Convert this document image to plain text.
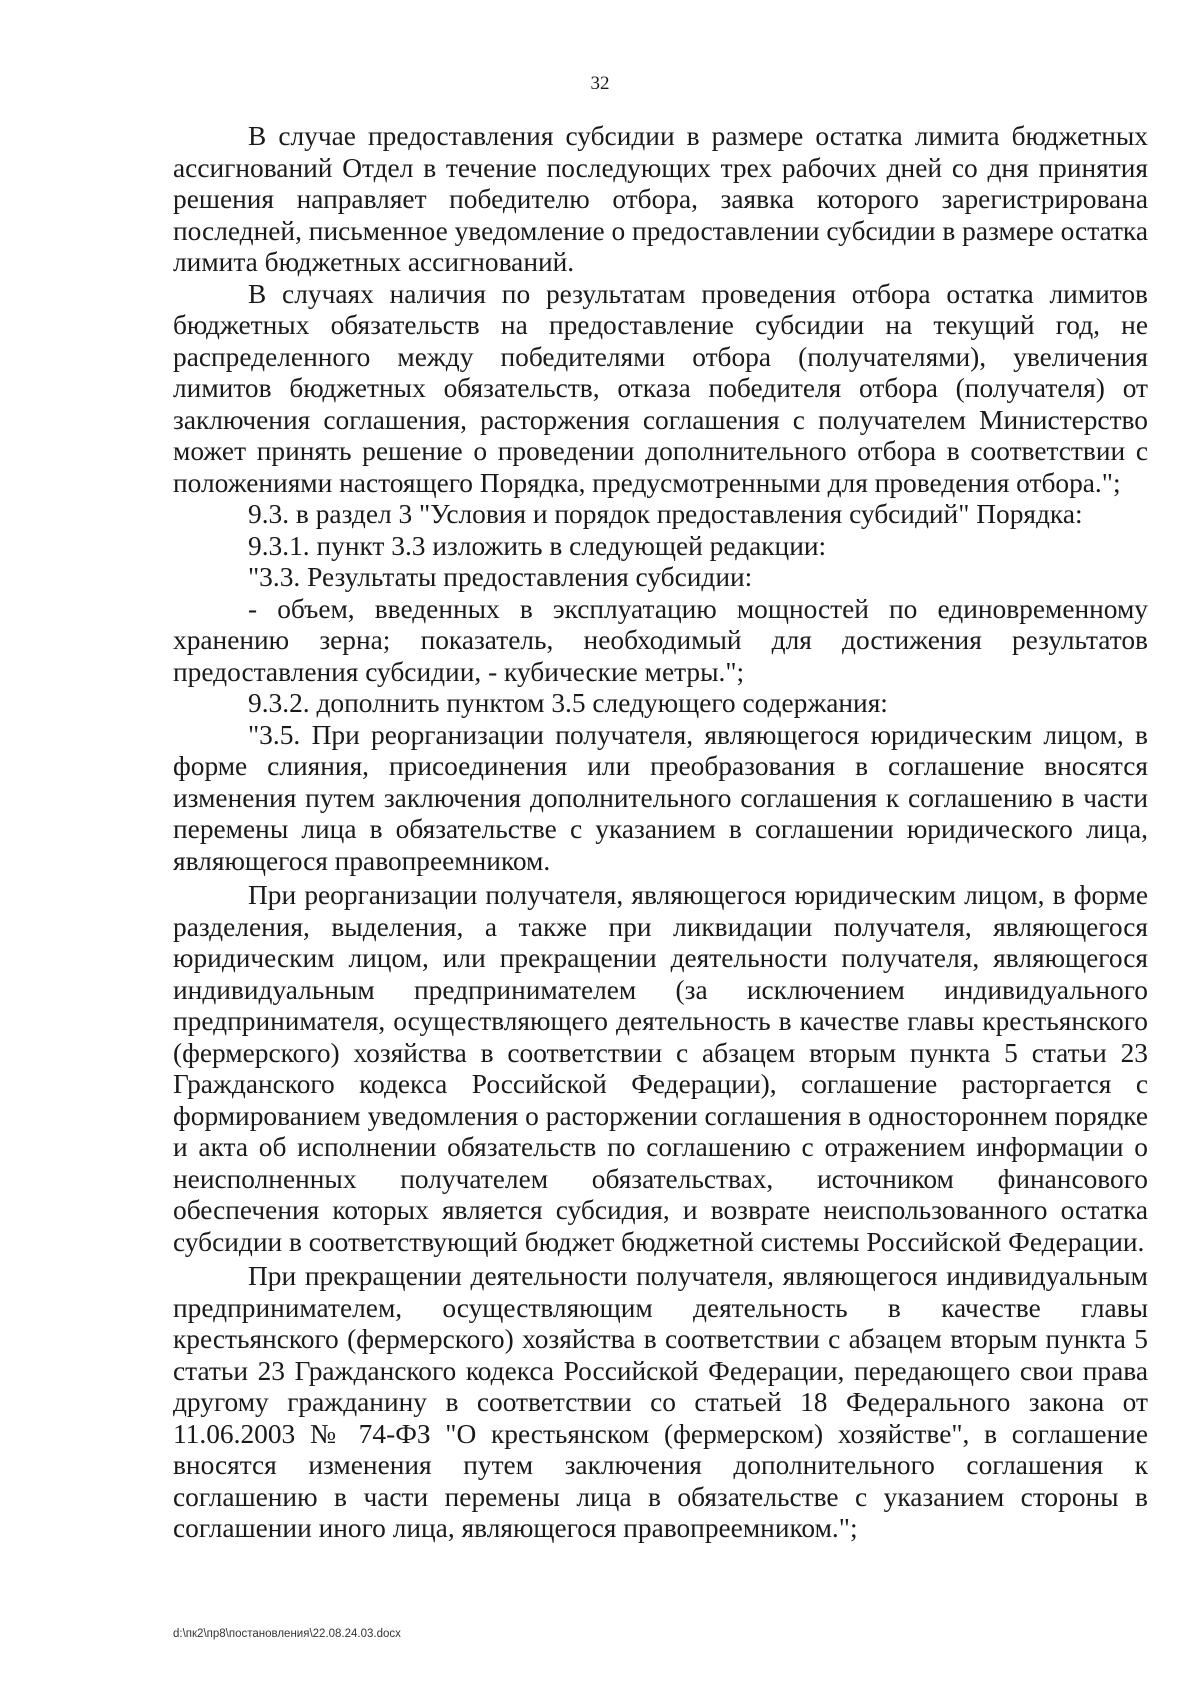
32

В случае предоставления субсидии в размере остатка лимита бюджетных ассигнований Отдел в течение последующих трех рабочих дней со дня принятия решения направляет победителю отбора, заявка которого зарегистрирована последней, письменное уведомление о предоставлении субсидии в размере остатка лимита бюджетных ассигнований.

В случаях наличия по результатам проведения отбора остатка лимитов бюджетных обязательств на предоставление субсидии на текущий год, не распределенного между победителями отбора (получателями), увеличения лимитов бюджетных обязательств, отказа победителя отбора (получателя) от заключения соглашения, расторжения соглашения с получателем Министерство может принять решение о проведении дополнительного отбора в соответствии с положениями настоящего Порядка, предусмотренными для проведения отбора.";

9.3. в раздел 3 "Условия и порядок предоставления субсидий" Порядка:

9.3.1. пункт 3.3 изложить в следующей редакции:

"3.3. Результаты предоставления субсидии:

- объем, введенных в эксплуатацию мощностей по единовременному хранению зерна; показатель, необходимый для достижения результатов предоставления субсидии, - кубические метры.";

9.3.2. дополнить пунктом 3.5 следующего содержания:

"3.5. При реорганизации получателя, являющегося юридическим лицом, в форме слияния, присоединения или преобразования в соглашение вносятся изменения путем заключения дополнительного соглашения к соглашению в части перемены лица в обязательстве с указанием в соглашении юридического лица, являющегося правопреемником.

При реорганизации получателя, являющегося юридическим лицом, в форме разделения, выделения, а также при ликвидации получателя, являющегося юридическим лицом, или прекращении деятельности получателя, являющегося индивидуальным предпринимателем (за исключением индивидуального предпринимателя, осуществляющего деятельность в качестве главы крестьянского (фермерского) хозяйства в соответствии с абзацем вторым пункта 5 статьи 23 Гражданского кодекса Российской Федерации), соглашение расторгается с формированием уведомления о расторжении соглашения в одностороннем порядке и акта об исполнении обязательств по соглашению с отражением информации о неисполненных получателем обязательствах, источником финансового обеспечения которых является субсидия, и возврате неиспользованного остатка субсидии в соответствующий бюджет бюджетной системы Российской Федерации.

При прекращении деятельности получателя, являющегося индивидуальным предпринимателем, осуществляющим деятельность в качестве главы крестьянского (фермерского) хозяйства в соответствии с абзацем вторым пункта 5 статьи 23 Гражданского кодекса Российской Федерации, передающего свои права другому гражданину в соответствии со статьей 18 Федерального закона от 11.06.2003 № 74-ФЗ "О крестьянском (фермерском) хозяйстве", в соглашение вносятся изменения путем заключения дополнительного соглашения к соглашению в части перемены лица в обязательстве с указанием стороны в соглашении иного лица, являющегося правопреемником.";

d:\пк2\пр8\постановления\22.08.24.03.docx
